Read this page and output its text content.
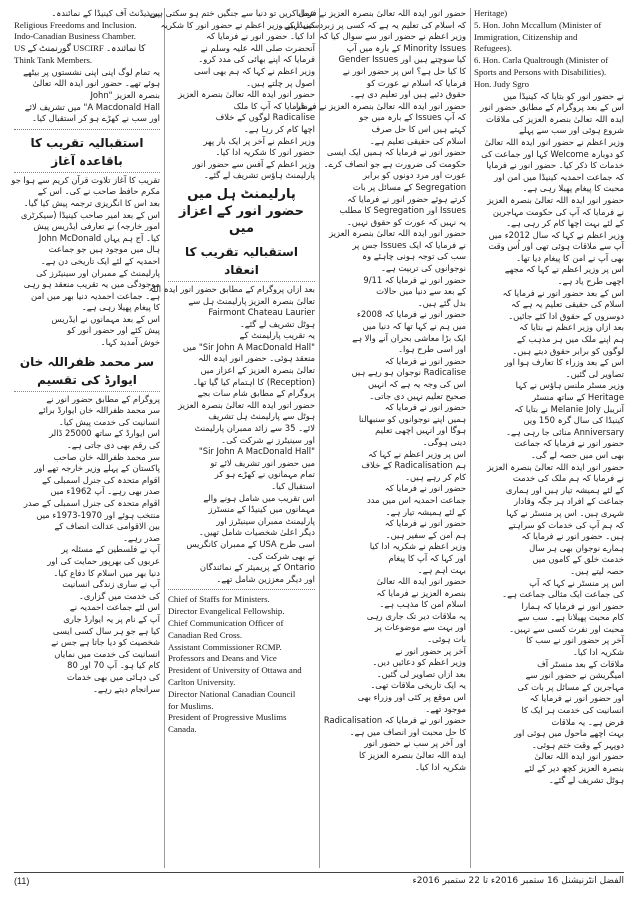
Heritage)
5. Hon. John Mccallum (Minister of
Immigration, Citizenship and
Refugees).
6. Hon. Carla Qualtrough (Minister of
Sports and Persons with Disabilities).
Hon. Judy Sgro
نے حضور انور کو بتایا کہ کینیڈا میں
اس کے بعد پروگرام کے مطابق حضور انور
ایدہ اللہ تعالیٰ بنصرہ العزیز کی ملاقات
شروع ہوئی اور سب سے پہلے
وزیر اعظم نے حضور انور ایدہ اللہ تعالیٰ
کو دوبارہ Welcome کہا اور جماعت کی
خدمات کا ذکر کیا۔ حضور انور نے فرمایا
کہ جماعت احمدیہ کینیڈا میں امن اور
محبت کا پیغام پھیلا رہی ہے۔
حضور انور ایدہ اللہ تعالیٰ بنصرہ العزیز
نے فرمایا کہ آپ کی حکومت مہاجرین
کے لئے بہت اچھا کام کر رہی ہے۔
وزیر اعظم نے کہا کہ سال 2012ء میں
آپ سے ملاقات ہوئی تھی اور اُس وقت
بھی آپ نے امن کا پیغام دیا تھا۔
اس پر وزیر اعظم نے کہا کہ مجھے
اچھی طرح یاد ہے۔
اس کے بعد حضور انور نے فرمایا کہ
اسلام کی حقیقی تعلیم یہ ہے کہ
دوسروں کے حقوق ادا کئے جائیں۔
بعد ازاں وزیر اعظم نے بتایا کہ
ہم اپنے ملک میں ہر مذہب کے
لوگوں کو برابر حقوق دیتے ہیں۔
اس کے بعد وزراء کا تعارف ہوا اور
تصاویر لی گئیں۔
وزیر مسٹر ملنس ہاؤس نے کہا
Heritage کے ساتھ منسٹر
آنریبل Melanie Joly نے بتایا کہ
کینیڈا کی سال گرہ 150 ویں
Anniversary منائی جا رہی ہے۔
حضور انور نے فرمایا کہ جماعت
بھی اس میں حصہ لے گی۔
حضور انور ایدہ اللہ تعالیٰ بنصرہ العزیز
نے فرمایا کہ ہم ملک کی خدمت
کے لئے ہمیشہ تیار ہیں اور ہماری
جماعت کے افراد ہر جگہ وفادار
شہری ہیں۔ اس پر منسٹر نے کہا
کہ ہم آپ کی خدمات کو سراہتے
ہیں۔ حضور انور نے فرمایا کہ
ہمارے نوجوان بھی ہر سال
خدمت خلق کے کاموں میں
حصہ لیتے ہیں۔
اس پر منسٹر نے کہا کہ آپ
کی جماعت ایک مثالی جماعت ہے۔
حضور انور نے فرمایا کہ ہمارا
کام محبت پھیلانا ہے۔ سب سے
محبت اور نفرت کسی سے نہیں۔
آخر پر حضور انور نے سب کا
شکریہ ادا کیا۔
ملاقات کے بعد منسٹر آف
امیگریشن نے حضور انور سے
مہاجرین کے مسائل پر بات کی
اور حضور انور نے فرمایا کہ
انسانیت کی خدمت ہر ایک کا
فرض ہے۔ یہ ملاقات
بہت اچھے ماحول میں ہوئی اور
دوپہر کے وقت ختم ہوئی۔
حضور انور ایدہ اللہ تعالیٰ
بنصرہ العزیز کچھ دیر کے لئے
ہوٹل تشریف لے گئے۔
حضور انور ایدہ اللہ تعالیٰ بنصرہ العزیز نے فرمایا
کہ اسلام کی تعلیم یہ ہے کہ کسی پر زبردستی نہیں۔
وزیر اعظم نے حضور انور سے سوال کیا کہ
Minority Issues کے بارہ میں آپ
کیا سوچتے ہیں اور Gender Issues
کا کیا حل ہے؟ اس پر حضور انور نے
فرمایا کہ اسلام نے عورت کو
حقوق دئیے ہیں اور تعلیم دی ہے۔
حضور انور ایدہ اللہ تعالیٰ بنصرہ العزیز نے فرمایا
کہ آپ Issues کے بارہ میں جو
کہتے ہیں اس کا حل صرف
اسلام کی حقیقی تعلیم ہے۔
حضور انور نے فرمایا کہ ہمیں ایک ایسی
حکومت کی ضرورت ہے جو انصاف کرے۔
عورت اور مرد دونوں کو برابر
Segregation کے مسائل پر بات
کرتے ہوئے حضور انور نے فرمایا کہ
Issues اور Segregation کا مطلب
یہ نہیں کہ عورت کو حقوق نہیں۔
حضور انور ایدہ اللہ تعالیٰ بنصرہ العزیز
نے فرمایا کہ ایک Issues جس پر
سب کی توجہ ہونی چاہئے وہ
نوجوانوں کی تربیت ہے۔
حضور انور نے فرمایا کہ 9/11
کے بعد سے دنیا میں حالات
بدل گئے ہیں۔
حضور انور نے فرمایا کہ 2008ء
میں ہم نے کہا تھا کہ دنیا میں
ایک بڑا معاشی بحران آنے والا ہے
اور اسی طرح ہوا۔
حضور انور نے فرمایا کہ
Radicalise نوجوان ہو رہے ہیں
اس کی وجہ یہ ہے کہ انہیں
صحیح تعلیم نہیں دی جاتی۔
حضور انور نے فرمایا کہ
ہمیں اپنے نوجوانوں کو سنبھالنا
ہوگا اور انہیں اچھی تعلیم
دینی ہوگی۔
اس پر وزیر اعظم نے کہا کہ
ہم Radicalisation کے خلاف
کام کر رہے ہیں۔
حضور انور نے فرمایا کہ
جماعت احمدیہ اس میں مدد
کے لئے ہمیشہ تیار ہے۔
حضور انور نے فرمایا کہ
ہم امن کے سفیر ہیں۔
وزیر اعظم نے شکریہ ادا کیا
اور کہا کہ آپ کا پیغام
بہت اہم ہے۔
حضور انور ایدہ اللہ تعالیٰ
بنصرہ العزیز نے فرمایا کہ
اسلام امن کا مذہب ہے۔
یہ ملاقات دیر تک جاری رہی
اور بہت سے موضوعات پر
بات ہوئی۔
آخر پر حضور انور نے
وزیر اعظم کو دعائیں دیں۔
بعد ازاں تصاویر لی گئیں۔
یہ ایک تاریخی ملاقات تھی۔
اس موقع پر کئی اور وزراء بھی
موجود تھے۔
حضور انور نے فرمایا کہ Radicalisation
کا حل محبت اور انصاف میں ہے۔
اور آخر پر سب نے حضور انور
ایدہ اللہ تعالیٰ بنصرہ العزیز کا
شکریہ ادا کیا۔
عمل کریں تو دنیا سے جنگیں ختم ہو سکتی ہیں۔
کینیڈا کے وزیر اعظم نے حضور انور کا شکریہ
ادا کیا۔ حضور انور نے فرمایا کہ
آنحضرت صلی اللہ علیہ وسلم نے
فرمایا کہ اپنے بھائی کی مدد کرو۔
وزیر اعظم نے کہا کہ ہم بھی اسی
اصول پر چلتے ہیں۔
حضور انور ایدہ اللہ تعالیٰ بنصرہ العزیز
نے فرمایا کہ آپ کا ملک
Radicalise لوگوں کے خلاف
اچھا کام کر رہا ہے۔
وزیر اعظم نے آخر پر ایک بار پھر
حضور انور کا شکریہ ادا کیا۔
وزیر اعظم کے آفس سے حضور انور
پارلیمنٹ ہاؤس تشریف لے گئے۔
پارلیمنٹ ہل میں حضور انور کے اعزاز میں
استقبالیہ تقریب کا انعقاد
بعد ازاں پروگرام کے مطابق حضور انور ایدہ اللہ
تعالیٰ بنصرہ العزیز پارلیمنٹ ہل سے
Fairmont Chateau Laurier
ہوٹل تشریف لے گئے۔
یہ تقریب پارلیمنٹ کے
"Sir John A MacDonald Hall" میں
منعقد ہوئی۔ حضور انور ایدہ اللہ
تعالیٰ بنصرہ العزیز کے اعزاز میں
(Reception) کا اہتمام کیا گیا تھا۔
پروگرام کے مطابق شام سات بجے
حضور انور ایدہ اللہ تعالیٰ بنصرہ العزیز
ہوٹل سے پارلیمنٹ ہل تشریف
لائے۔ 35 سے زائد ممبران پارلیمنٹ
اور سینیٹرز نے شرکت کی۔
"Sir John A MacDonald Hall"
میں حضور انور تشریف لائے تو
تمام مہمانوں نے کھڑے ہو کر
استقبال کیا۔
اس تقریب میں شامل ہونے والے
مہمانوں میں کینیڈا کے منسٹرز
پارلیمنٹ ممبران سینیٹرز اور
دیگر اعلیٰ شخصیات شامل تھیں۔
اسی طرح USA کے ممبران کانگریس
نے بھی شرکت کی۔
Ontario کے پریمیئر کے نمائندگان
اور دیگر معززین شامل تھے۔
Chief of Staffs for Ministers.
Director Evangelical Fellowship.
Chief Communication Officer of
Canadian Red Cross.
Assistant Commissioner RCMP.
Professors and Deans and Vice
President of University of Ottawa and
Carlton University.
Director National Canadian Council
for Muslims.
President of Progressive Muslims
Canada.
پریذیڈنٹ آف کینیڈا کے نمائندہ۔
Religious Freedoms and Inclusion.
Indo-Canadian Business Chamber.
US گورنمنٹ کے USCIRF کا نمائندہ۔
Think Tank Members.
یہ تمام لوگ اپنی اپنی نشستوں پر بیٹھے
ہوئے تھے۔ حضور انور ایدہ اللہ تعالیٰ
بنصرہ العزیز "John
A Macdonald Hall" میں تشریف لائے
اور سب نے کھڑے ہو کر استقبال کیا۔
استقبالیہ تقریب کا باقاعدہ آغاز
تقریب کا آغاز تلاوت قرآن کریم سے ہوا جو
مکرم حافظ صاحب نے کی۔ اس کے
بعد اس کا انگریزی ترجمہ پیش کیا گیا۔
اس کے بعد امیر صاحب کینیڈا (سیکرٹری
امور خارجہ) نے تعارفی ایڈریس پیش
کیا۔ آج ہم یہاں John McDonald
ہال میں موجود ہیں جو جماعت
احمدیہ کے لئے ایک تاریخی دن ہے۔
پارلیمنٹ کے ممبران اور سینیٹرز کی
موجودگی میں یہ تقریب منعقد ہو رہی
ہے۔ جماعت احمدیہ دنیا بھر میں امن
کا پیغام پھیلا رہی ہے۔
اس کے بعد مہمانوں نے ایڈریس
پیش کئے اور حضور انور کو
خوش آمدید کہا۔
سر محمد ظفراللہ خان ایوارڈ کی تقسیم
پروگرام کے مطابق حضور انور نے
سر محمد ظفراللہ خان ایوارڈ برائے
انسانیت کی خدمت پیش کیا۔
اس ایوارڈ کے ساتھ 25000 ڈالر
کی رقم بھی دی جاتی ہے۔
سر محمد ظفراللہ خان صاحب
پاکستان کے پہلے وزیر خارجہ تھے اور
اقوام متحدہ کی جنرل اسمبلی کے
صدر بھی رہے۔ آپ 1962ء میں
اقوام متحدہ کی جنرل اسمبلی کے صدر
منتخب ہوئے اور 1970-1973ء میں
بین الاقوامی عدالت انصاف کے
صدر رہے۔
آپ نے فلسطین کے مسئلہ پر
عربوں کی بھرپور حمایت کی اور
دنیا بھر میں اسلام کا دفاع کیا۔
آپ نے ساری زندگی انسانیت
کی خدمت میں گزاری۔
اس لئے جماعت احمدیہ نے
آپ کے نام پر یہ ایوارڈ جاری
کیا ہے جو ہر سال کسی ایسی
شخصیت کو دیا جاتا ہے جس نے
انسانیت کی خدمت میں نمایاں
کام کیا ہو۔ آپ 70 اور 80
کی دہائی میں بھی خدمات
سرانجام دیتے رہے۔
(11)	الفضل انٹرنیشنل 16 ستمبر 2016ء تا 22 ستمبر 2016ء
